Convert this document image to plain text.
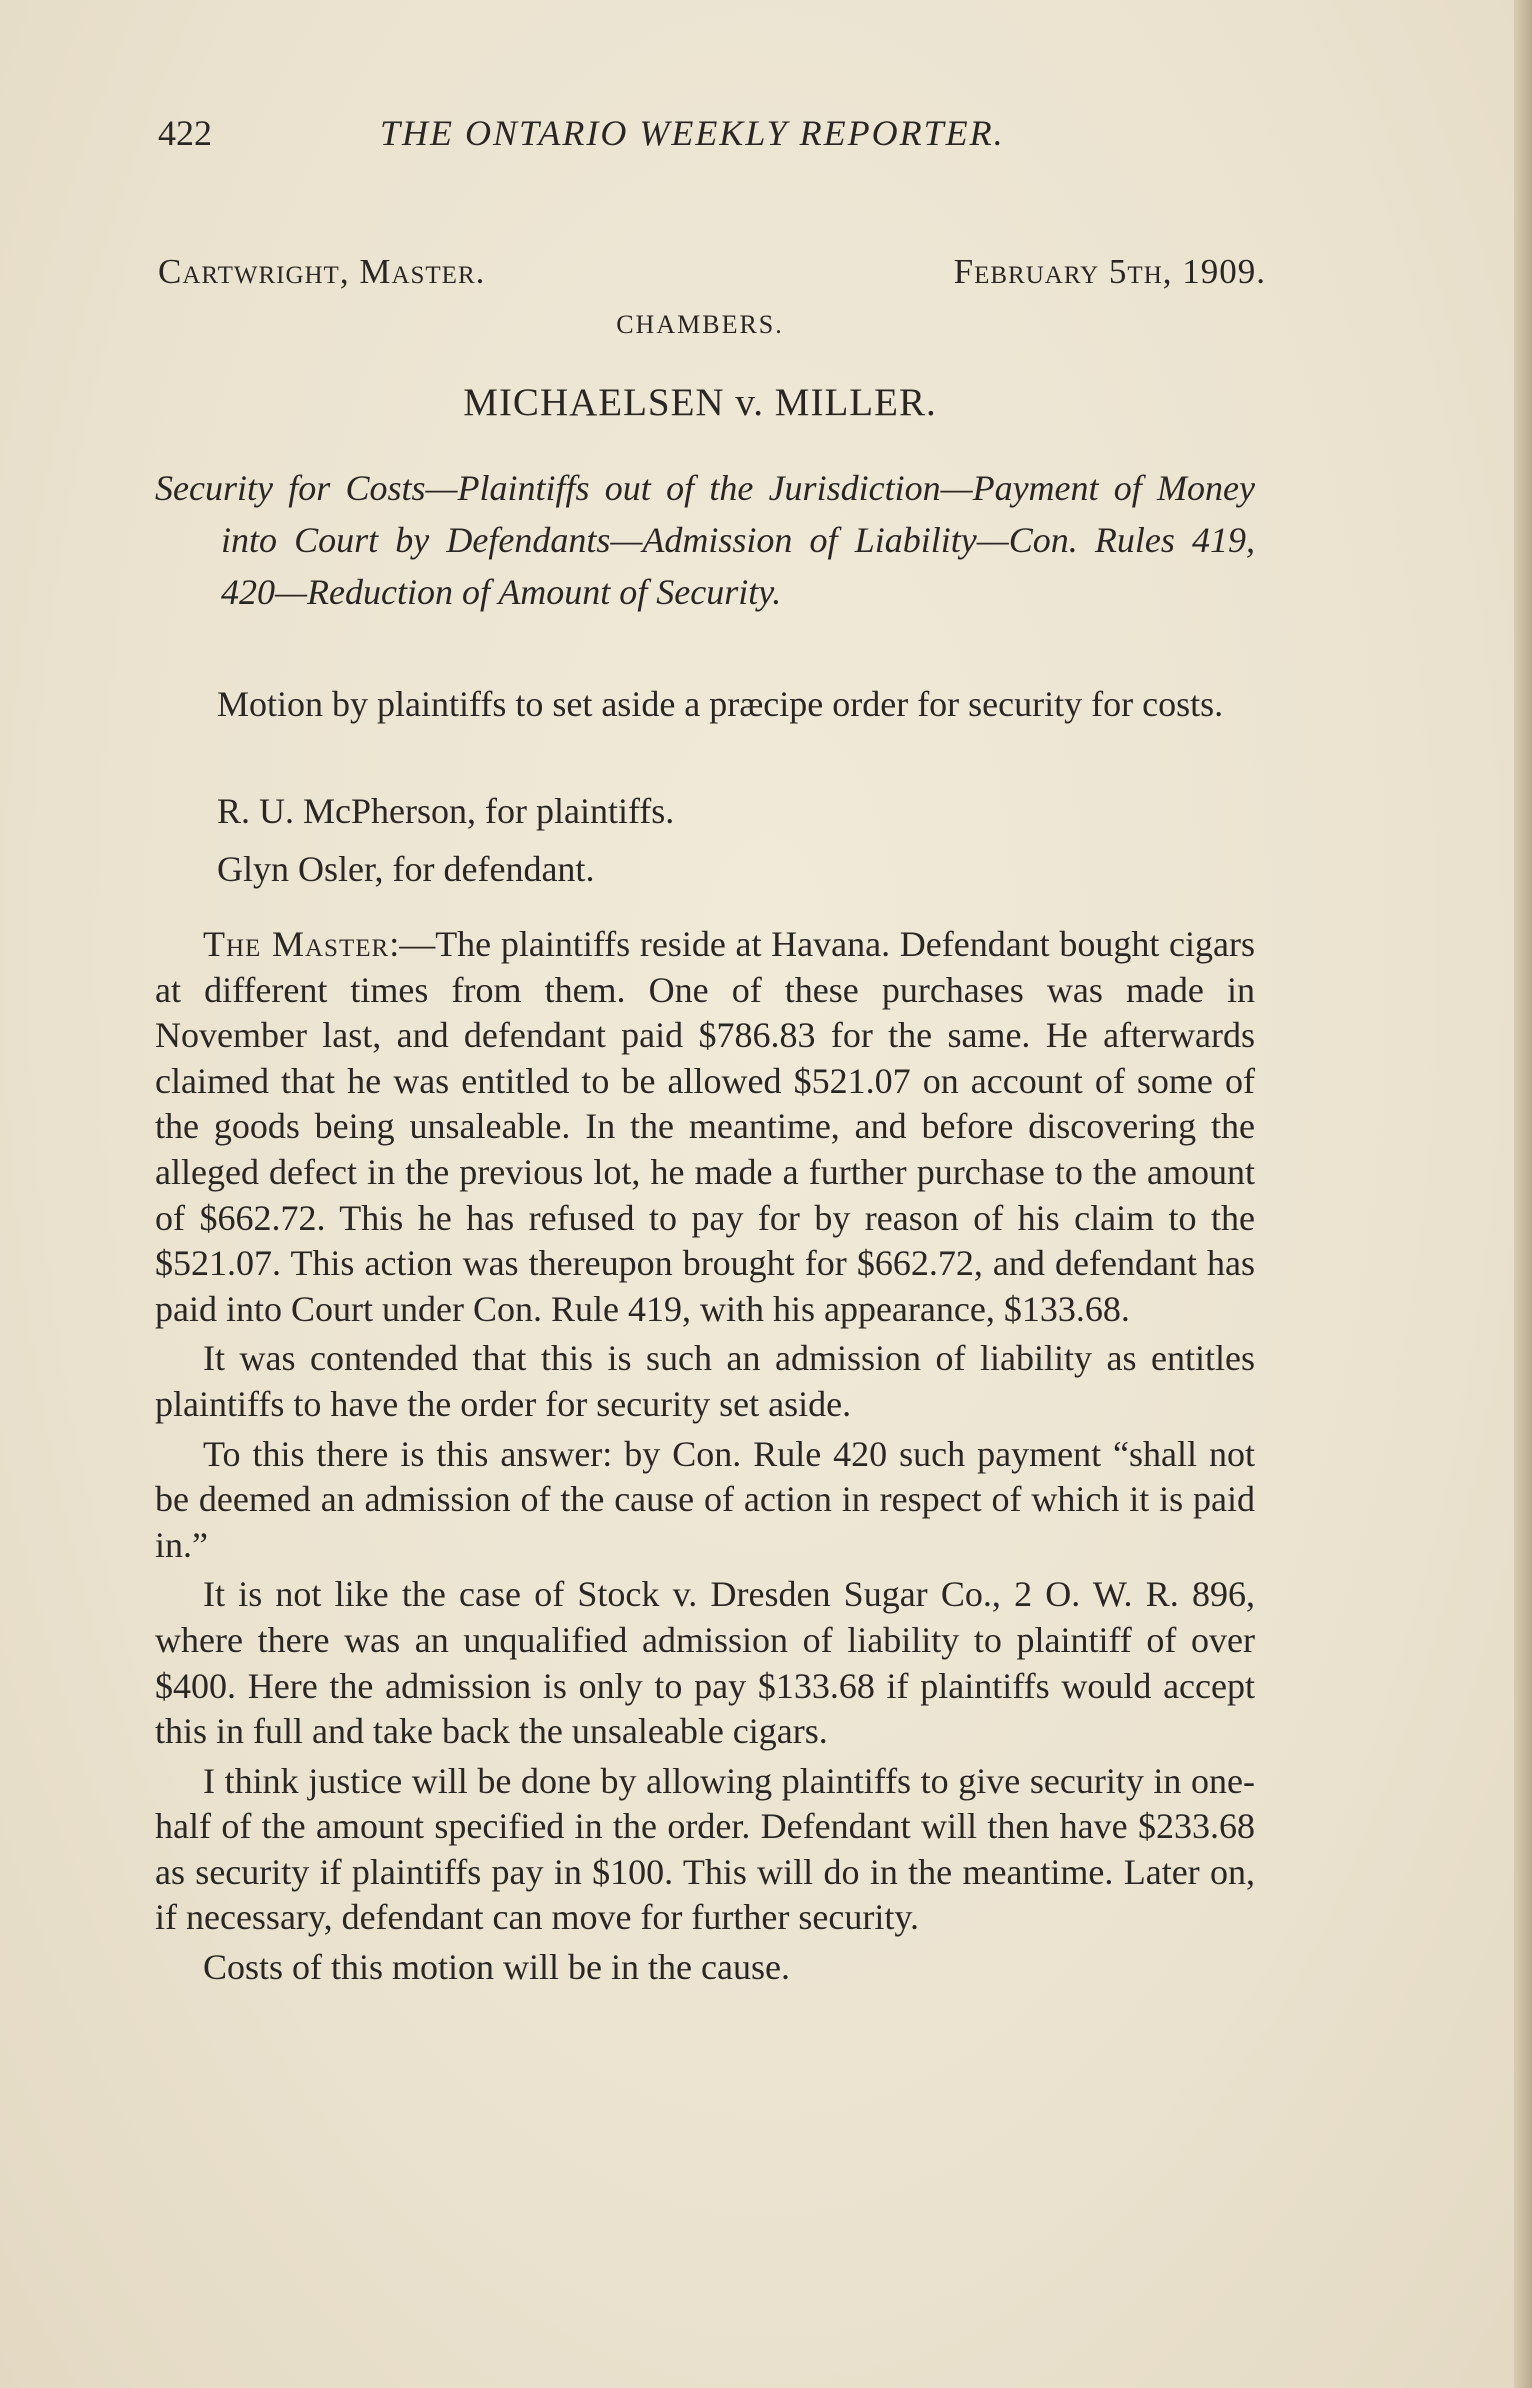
422	THE ONTARIO WEEKLY REPORTER.
Cartwright, Master.	February 5th, 1909.
CHAMBERS.
MICHAELSEN v. MILLER.

Security for Costs—Plaintiffs out of the Jurisdiction—Payment of Money into Court by Defendants—Admission of Liability—Con. Rules 419, 420—Reduction of Amount of Security.

Motion by plaintiffs to set aside a præcipe order for security for costs.

R. U. McPherson, for plaintiffs.

Glyn Osler, for defendant.

The Master:—The plaintiffs reside at Havana. Defendant bought cigars at different times from them. One of these purchases was made in November last, and defendant paid $786.83 for the same. He afterwards claimed that he was entitled to be allowed $521.07 on account of some of the goods being unsaleable. In the meantime, and before discovering the alleged defect in the previous lot, he made a further purchase to the amount of $662.72. This he has refused to pay for by reason of his claim to the $521.07. This action was thereupon brought for $662.72, and defendant has paid into Court under Con. Rule 419, with his appearance, $133.68.

It was contended that this is such an admission of liability as entitles plaintiffs to have the order for security set aside.

To this there is this answer: by Con. Rule 420 such payment “shall not be deemed an admission of the cause of action in respect of which it is paid in.”

It is not like the case of Stock v. Dresden Sugar Co., 2 O. W. R. 896, where there was an unqualified admission of liability to plaintiff of over $400. Here the admission is only to pay $133.68 if plaintiffs would accept this in full and take back the unsaleable cigars.

I think justice will be done by allowing plaintiffs to give security in one-half of the amount specified in the order. Defendant will then have $233.68 as security if plaintiffs pay in $100. This will do in the meantime. Later on, if necessary, defendant can move for further security.

Costs of this motion will be in the cause.
